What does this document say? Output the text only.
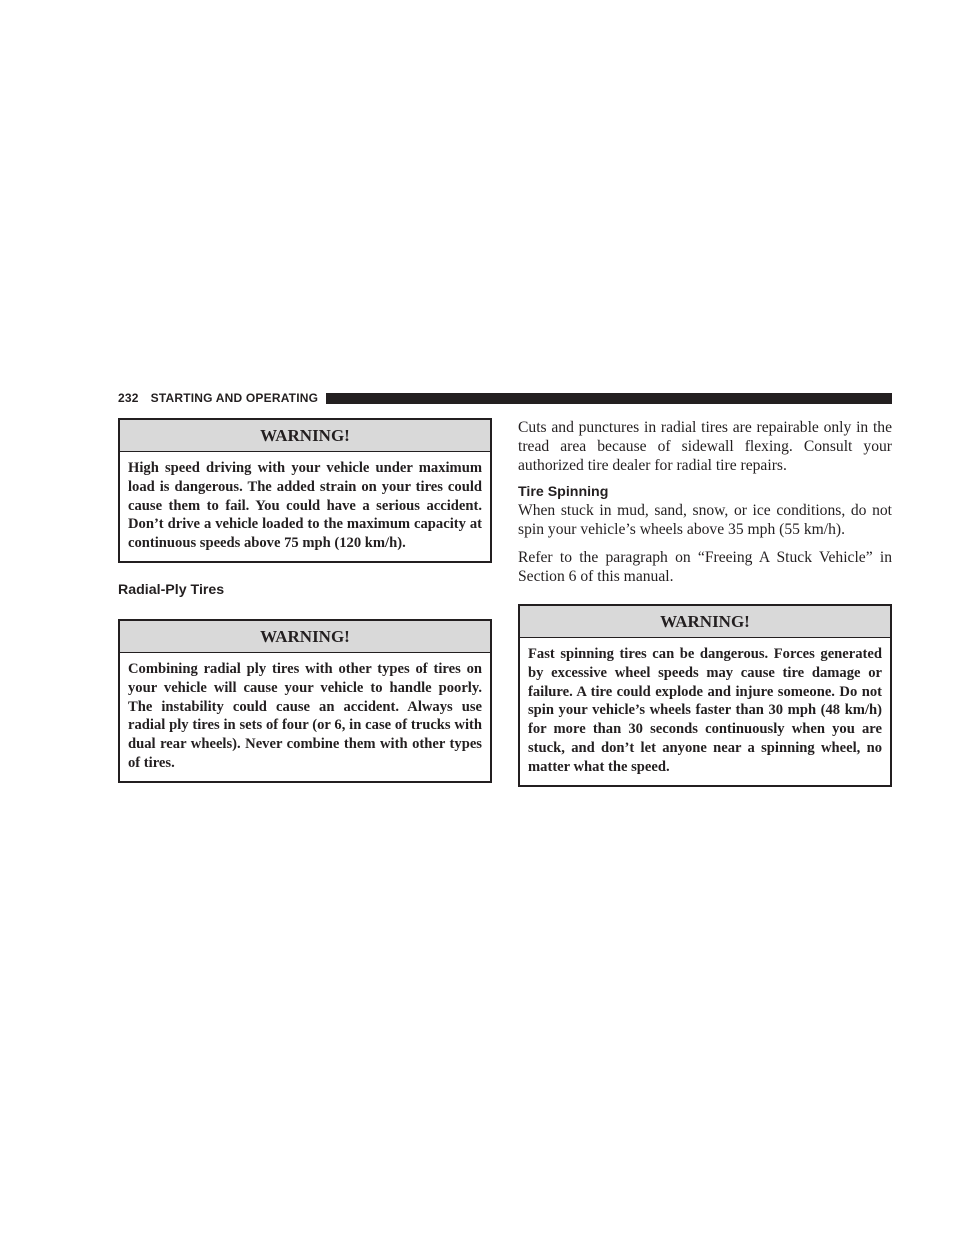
232 STARTING AND OPERATING
WARNING!
High speed driving with your vehicle under maximum load is dangerous. The added strain on your tires could cause them to fail. You could have a serious accident. Don’t drive a vehicle loaded to the maximum capacity at continuous speeds above 75 mph (120 km/h).
Radial-Ply Tires
WARNING!
Combining radial ply tires with other types of tires on your vehicle will cause your vehicle to handle poorly. The instability could cause an accident. Always use radial ply tires in sets of four (or 6, in case of trucks with dual rear wheels). Never combine them with other types of tires.

Cuts and punctures in radial tires are repairable only in the tread area because of sidewall flexing. Consult your authorized tire dealer for radial tire repairs.

Tire Spinning

When stuck in mud, sand, snow, or ice conditions, do not spin your vehicle’s wheels above 35 mph (55 km/h).

Refer to the paragraph on “Freeing A Stuck Vehicle” in Section 6 of this manual.

WARNING!
Fast spinning tires can be dangerous. Forces generated by excessive wheel speeds may cause tire damage or failure. A tire could explode and injure someone. Do not spin your vehicle’s wheels faster than 30 mph (48 km/h) for more than 30 seconds continuously when you are stuck, and don’t let anyone near a spinning wheel, no matter what the speed.
